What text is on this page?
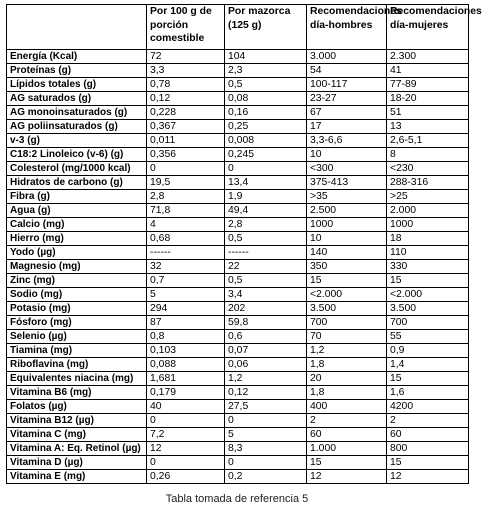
	Por 100 g de porción comestible	Por mazorca (125 g)	Recomendaciones día-hombres	Recomendaciones día-mujeres
Energía (Kcal)	72	104	3.000	2.300
Proteínas (g)	3,3	2,3	54	41
Lípidos totales (g)	0,78	0,5	100-117	77-89
AG saturados (g)	0,12	0,08	23-27	18-20
AG monoinsaturados (g)	0,228	0,16	67	51
AG poliinsaturados (g)	0,367	0,25	17	13
v-3 (g)	0,011	0,008	3,3-6,6	2,6-5,1
C18:2 Linoleico (v-6) (g)	0,356	0,245	10	8
Colesterol (mg/1000 kcal)	0	0	<300	<230
Hidratos de carbono (g)	19,5	13,4	375-413	288-316
Fibra (g)	2,8	1,9	>35	>25
Agua (g)	71,8	49,4	2.500	2.000
Calcio (mg)	4	2,8	1000	1000
Hierro (mg)	0,68	0,5	10	18
Yodo (µg)	------	------	140	110
Magnesio (mg)	32	22	350	330
Zinc (mg)	0,7	0,5	15	15
Sodio (mg)	5	3,4	<2.000	<2.000
Potasio (mg)	294	202	3.500	3.500
Fósforo (mg)	87	59,8	700	700
Selenio (µg)	0,8	0,6	70	55
Tiamina (mg)	0,103	0,07	1,2	0,9
Riboflavina (mg)	0,088	0,06	1,8	1,4
Equivalentes niacina (mg)	1,681	1,2	20	15
Vitamina B6 (mg)	0,179	0,12	1,8	1,6
Folatos (µg)	40	27,5	400	4200
Vitamina B12 (µg)	0	0	2	2
Vitamina C (mg)	7,2	5	60	60
Vitamina A: Eq. Retinol (µg)	12	8,3	1.000	800
Vitamina D (µg)	0	0	15	15
Vitamina E (mg)	0,26	0,2	12	12
Tabla tomada de referencia 5
